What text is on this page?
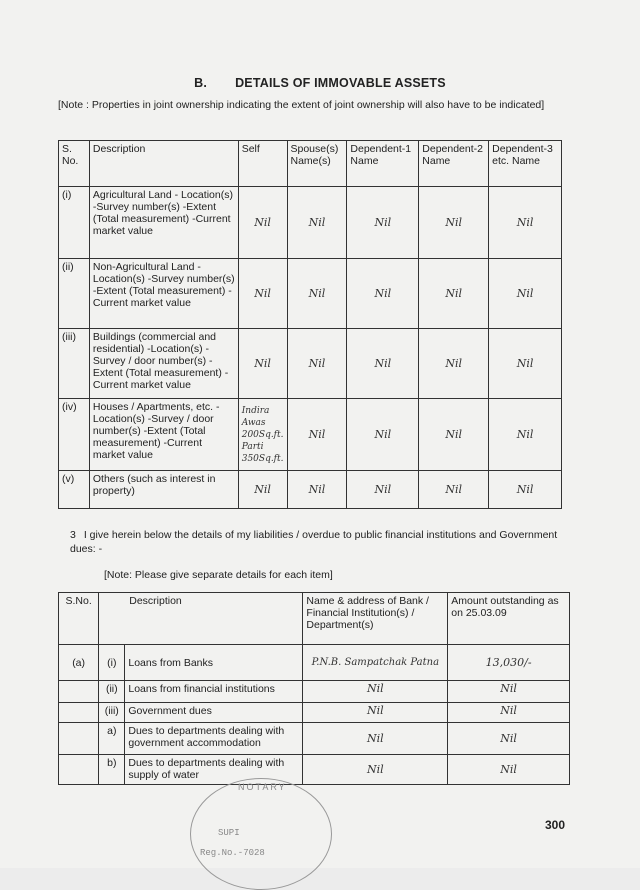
B. DETAILS OF IMMOVABLE ASSETS
[Note : Properties in joint ownership indicating the extent of joint ownership will also have to be indicated]
S. No.	Description	Self	Spouse(s) Name(s)	Dependent-1 Name	Dependent-2 Name	Dependent-3 etc. Name
(i)	Agricultural Land - Location(s) -Survey number(s) -Extent (Total measurement) -Current market value	Nil	Nil	Nil	Nil	Nil

(ii)	Non-Agricultural Land - Location(s) -Survey number(s) -Extent (Total measurement) -Current market value	Nil	Nil	Nil	Nil	Nil

(iii)	Buildings (commercial and residential) -Location(s) - Survey / door number(s) - Extent (Total measurement) -Current market value	Nil	Nil	Nil	Nil	Nil

(iv)	Houses / Apartments, etc. - Location(s) -Survey / door number(s) -Extent (Total measurement) -Current market value	Indira Awas 200Sq.ft. Parti 350Sq.ft.	Nil	Nil	Nil	Nil

(v)	Others (such as interest in property)	Nil	Nil	Nil	Nil	Nil
3 I give herein below the details of my liabilities / overdue to public financial institutions and Government dues: -
[Note: Please give separate details for each item]
S.No.	Description		Name & address of Bank / Financial Institution(s) / Department(s)	Amount outstanding as on 25.03.09
(a)	(i)	Loans from Banks	P.N.B. Sampatchak Patna	13,030/-

	(ii)	Loans from financial institutions	Nil	Nil

	(iii)	Government dues	Nil	Nil

	a)	Dues to departments dealing with government accommodation	Nil	Nil

	b)	Dues to departments dealing with supply of water	Nil	Nil
NOTARY
SUPI
Reg.No.-7028
300
